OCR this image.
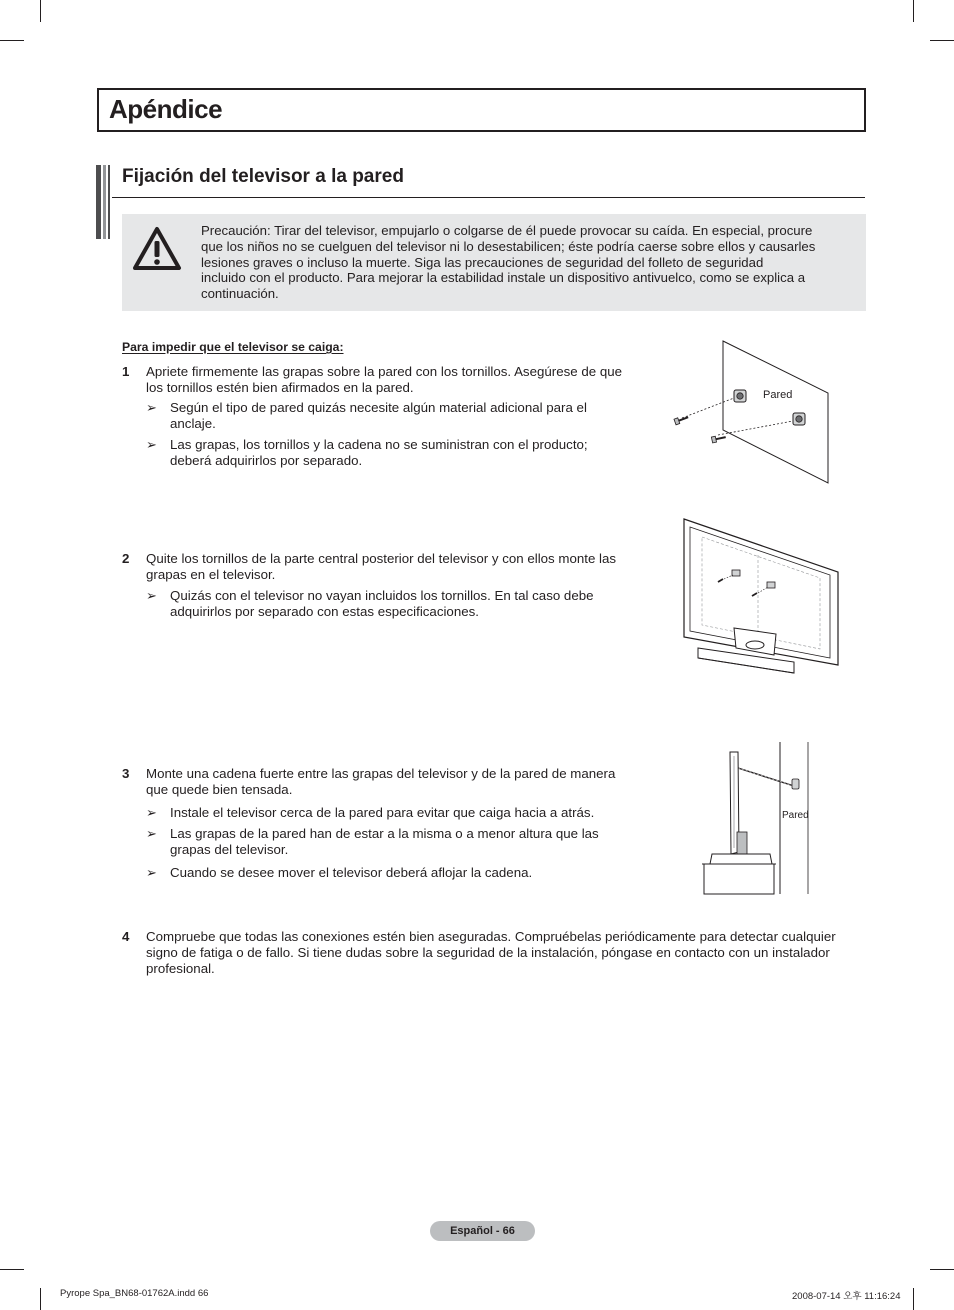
Apéndice
Fijación del televisor a la pared
Precaución: Tirar del televisor, empujarlo o colgarse de él puede provocar su caída. En especial, procure
que los niños no se cuelguen del televisor ni lo desestabilicen; éste podría caerse sobre ellos y causarles
lesiones graves o incluso la muerte. Siga las precauciones de seguridad del folleto de seguridad
incluido con el producto. Para mejorar la estabilidad instale un dispositivo antivuelco, como se explica a
continuación.
Para impedir que el televisor se caiga:
1 Apriete firmemente las grapas sobre la pared con los tornillos. Asegúrese de que
los tornillos estén bien afirmados en la pared.
➢ Según el tipo de pared quizás necesite algún material adicional para el
anclaje.
➢ Las grapas, los tornillos y la cadena no se suministran con el producto;
deberá adquirirlos por separado.
2 Quite los tornillos de la parte central posterior del televisor y con ellos monte las
grapas en el televisor.
➢ Quizás con el televisor no vayan incluidos los tornillos. En tal caso debe
adquirirlos por separado con estas especificaciones.
3 Monte una cadena fuerte entre las grapas del televisor y de la pared de manera
que quede bien tensada.
➢ Instale el televisor cerca de la pared para evitar que caiga hacia a atrás.
➢ Las grapas de la pared han de estar a la misma o a menor altura que las
grapas del televisor.
➢ Cuando se desee mover el televisor deberá aflojar la cadena.
4 Compruebe que todas las conexiones estén bien aseguradas. Compruébelas periódicamente para detectar cualquier
signo de fatiga o de fallo. Si tiene dudas sobre la seguridad de la instalación, póngase en contacto con un instalador
profesional.
Pared
Pared
Español - 66
Pyrope Spa_BN68-01762A.indd 66	2008-07-14 오후 11:16:24
